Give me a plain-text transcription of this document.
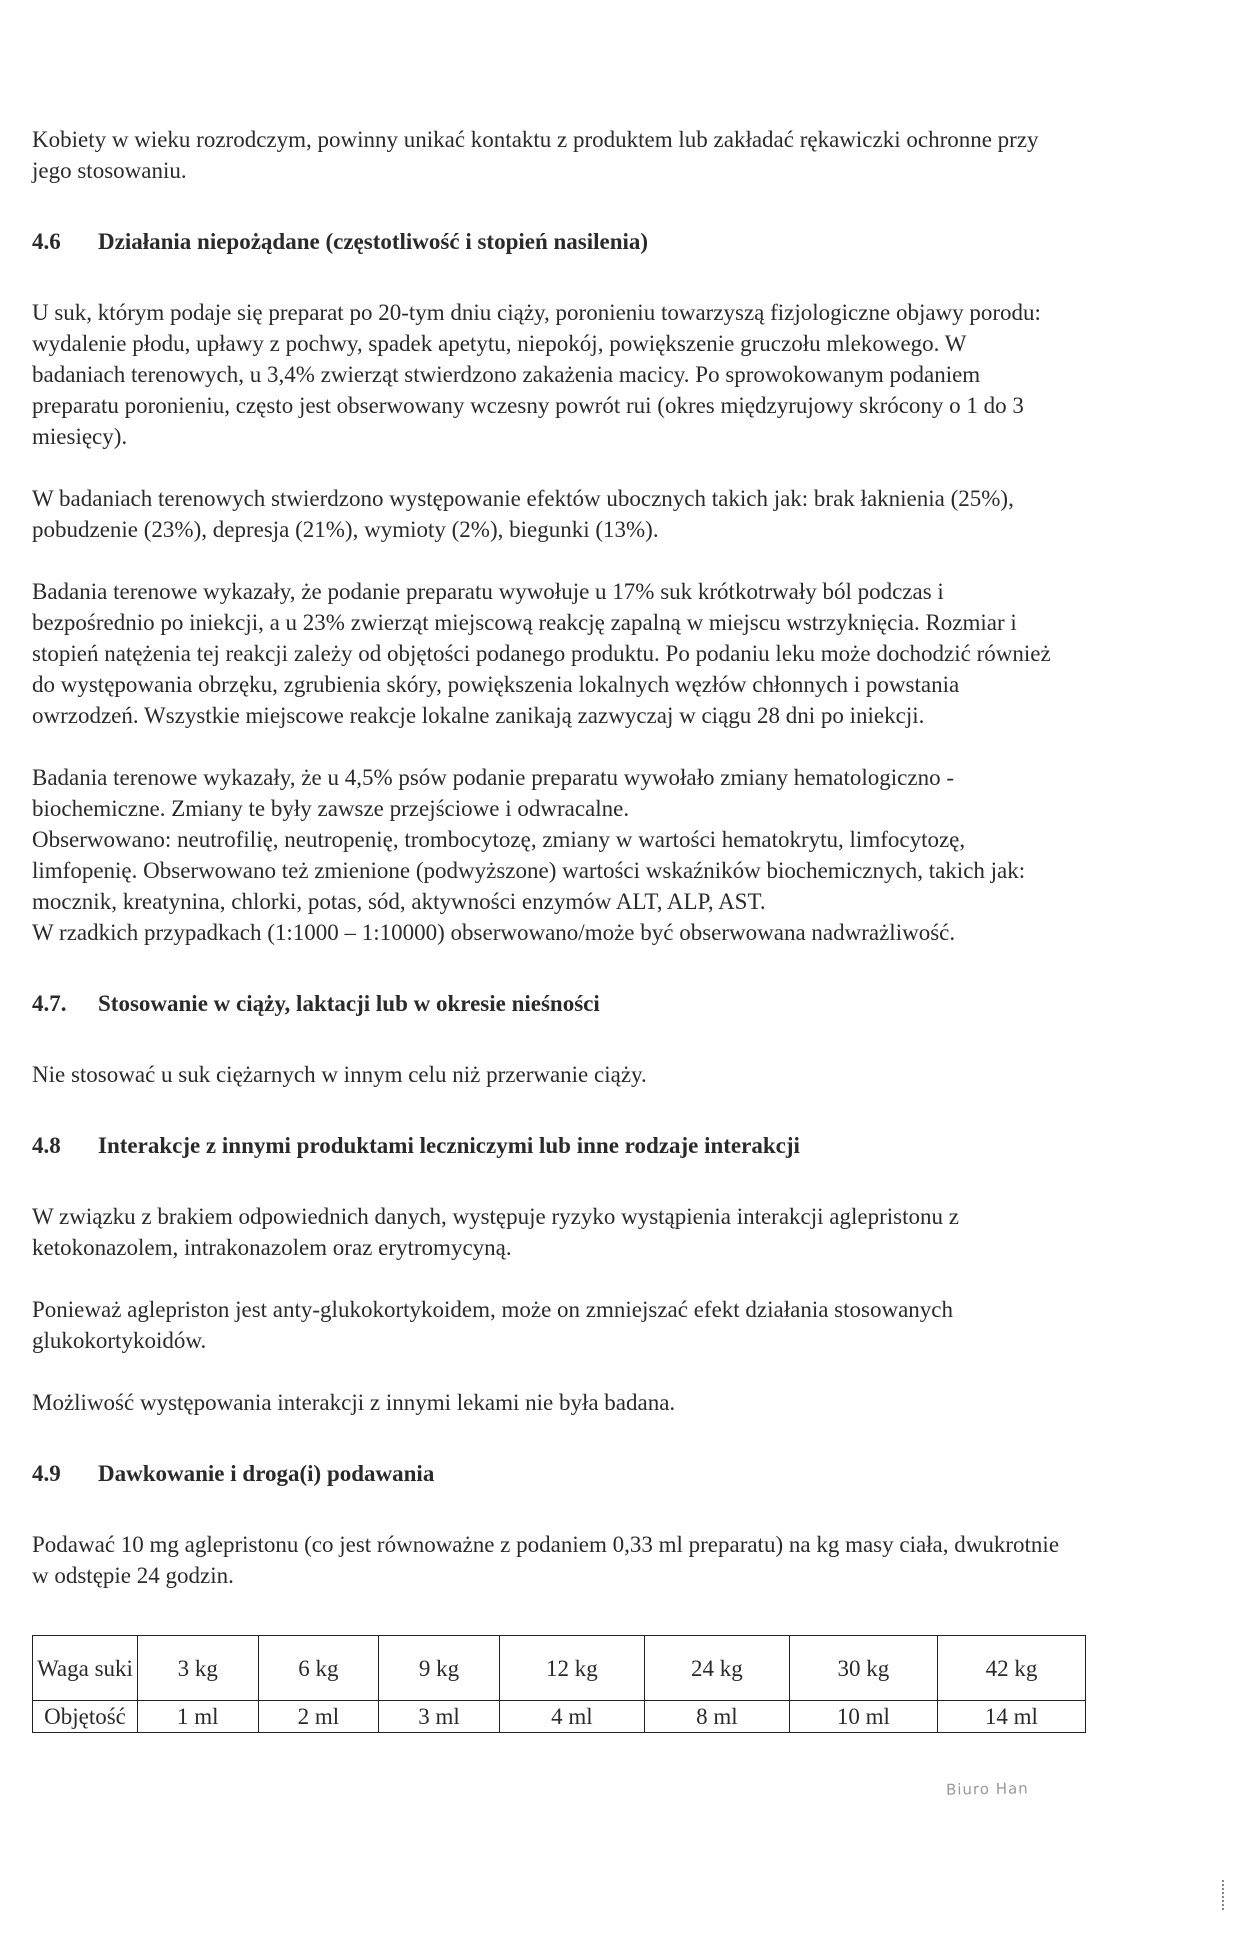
Kobiety w wieku rozrodczym, powinny unikać kontaktu z produktem lub zakładać rękawiczki ochronne przy jego stosowaniu.

4.6	Działania niepożądane (częstotliwość i stopień nasilenia)

U suk, którym podaje się preparat po 20-tym dniu ciąży, poronieniu towarzyszą fizjologiczne objawy porodu: wydalenie płodu, upławy z pochwy, spadek apetytu, niepokój, powiększenie gruczołu mlekowego. W badaniach terenowych, u 3,4% zwierząt stwierdzono zakażenia macicy. Po sprowokowanym podaniem preparatu poronieniu, często jest obserwowany wczesny powrót rui (okres międzyrujowy skrócony o 1 do 3 miesięcy).

W badaniach terenowych stwierdzono występowanie efektów ubocznych takich jak: brak łaknienia (25%), pobudzenie (23%), depresja (21%), wymioty (2%), biegunki (13%).

Badania terenowe wykazały, że podanie preparatu wywołuje u 17% suk krótkotrwały ból podczas i bezpośrednio po iniekcji, a u 23% zwierząt miejscową reakcję zapalną w miejscu wstrzyknięcia. Rozmiar i stopień natężenia tej reakcji zależy od objętości podanego produktu. Po podaniu leku może dochodzić również do występowania obrzęku, zgrubienia skóry, powiększenia lokalnych węzłów chłonnych i powstania owrzodzeń. Wszystkie miejscowe reakcje lokalne zanikają zazwyczaj w ciągu 28 dni po iniekcji.

Badania terenowe wykazały, że u 4,5% psów podanie preparatu wywołało zmiany hematologiczno - biochemiczne. Zmiany te były zawsze przejściowe i odwracalne.

Obserwowano: neutrofilię, neutropenię, trombocytozę, zmiany w wartości hematokrytu, limfocytozę, limfopenię. Obserwowano też zmienione (podwyższone) wartości wskaźników biochemicznych, takich jak: mocznik, kreatynina, chlorki, potas, sód, aktywności enzymów ALT, ALP, AST.

W rzadkich przypadkach (1:1000 – 1:10000) obserwowano/może być obserwowana nadwrażliwość.

4.7.	Stosowanie w ciąży, laktacji lub w okresie nieśności

Nie stosować u suk ciężarnych w innym celu niż przerwanie ciąży.

4.8	Interakcje z innymi produktami leczniczymi lub inne rodzaje interakcji

W związku z brakiem odpowiednich danych, występuje ryzyko wystąpienia interakcji aglepristonu z ketokonazolem, intrakonazolem oraz erytromycyną.

Ponieważ aglepriston jest anty-glukokortykoidem, może on zmniejszać efekt działania stosowanych glukokortykoidów.

Możliwość występowania interakcji z innymi lekami nie była badana.

4.9	Dawkowanie i droga(i) podawania

Podawać 10 mg aglepristonu (co jest równoważne z podaniem 0,33 ml preparatu) na kg masy ciała, dwukrotnie w odstępie 24 godzin.

Waga suki	3 kg	6 kg	9 kg	12 kg	24 kg	30 kg	42 kg
Objętość	1 ml	2 ml	3 ml	4 ml	8 ml	10 ml	14 ml
Biuro Han
